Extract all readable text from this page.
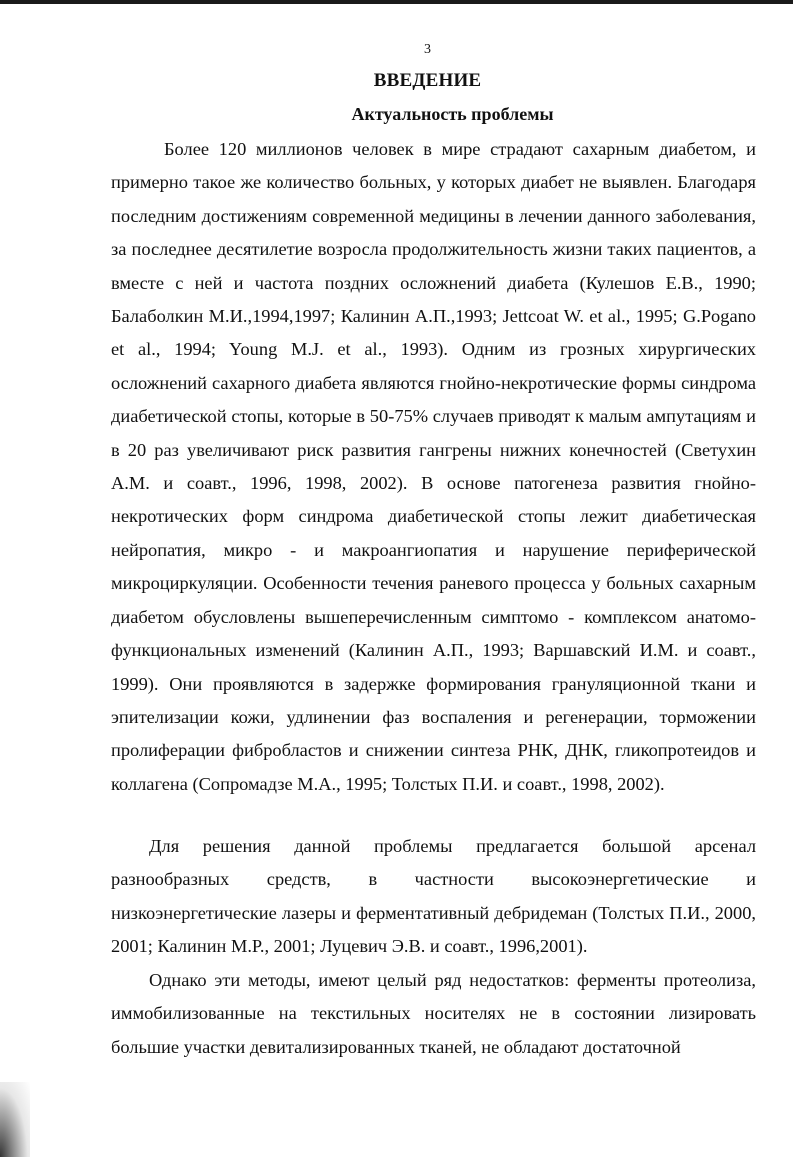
3
ВВЕДЕНИЕ
Актуальность проблемы

Более 120 миллионов человек в мире страдают сахарным диабетом, и примерно такое же количество больных, у которых диабет не выявлен. Благодаря последним достижениям современной медицины в лечении данного заболевания, за последнее десятилетие возросла продолжительность жизни таких пациентов, а вместе с ней и частота поздних осложнений диабета (Кулешов Е.В., 1990; Балаболкин М.И.,1994,1997; Калинин А.П.,1993; Jettcoat W. et al., 1995; G.Pogano et al., 1994; Young M.J. et al., 1993). Одним из грозных хирургических осложнений сахарного диабета являются гнойно-некротические формы синдрома диабетической стопы, которые в 50-75% случаев приводят к малым ампутациям и в 20 раз увеличивают риск развития гангрены нижних конечностей (Светухин А.М. и соавт., 1996, 1998, 2002). В основе патогенеза развития гнойно-некротических форм синдрома диабетической стопы лежит диабетическая нейропатия, микро - и макроангиопатия и нарушение периферической микроциркуляции. Особенности течения раневого процесса у больных сахарным диабетом обусловлены вышеперечисленным симптомо - комплексом анатомо-функциональных изменений (Калинин А.П., 1993; Варшавский И.М. и соавт., 1999). Они проявляются в задержке формирования грануляционной ткани и эпителизации кожи, удлинении фаз воспаления и регенерации, торможении пролиферации фибробластов и снижении синтеза РНК, ДНК, гликопротеидов и коллагена (Сопромадзе М.А., 1995; Толстых П.И. и соавт., 1998, 2002).

Для решения данной проблемы предлагается большой арсенал разнообразных средств, в частности высокоэнергетические и низкоэнергетические лазеры и ферментативный дебридеман (Толстых П.И., 2000, 2001; Калинин М.Р., 2001; Луцевич Э.В. и соавт., 1996,2001).

Однако эти методы, имеют целый ряд недостатков: ферменты протеолиза, иммобилизованные на текстильных носителях не в состоянии лизировать большие участки девитализированных тканей, не обладают достаточной
